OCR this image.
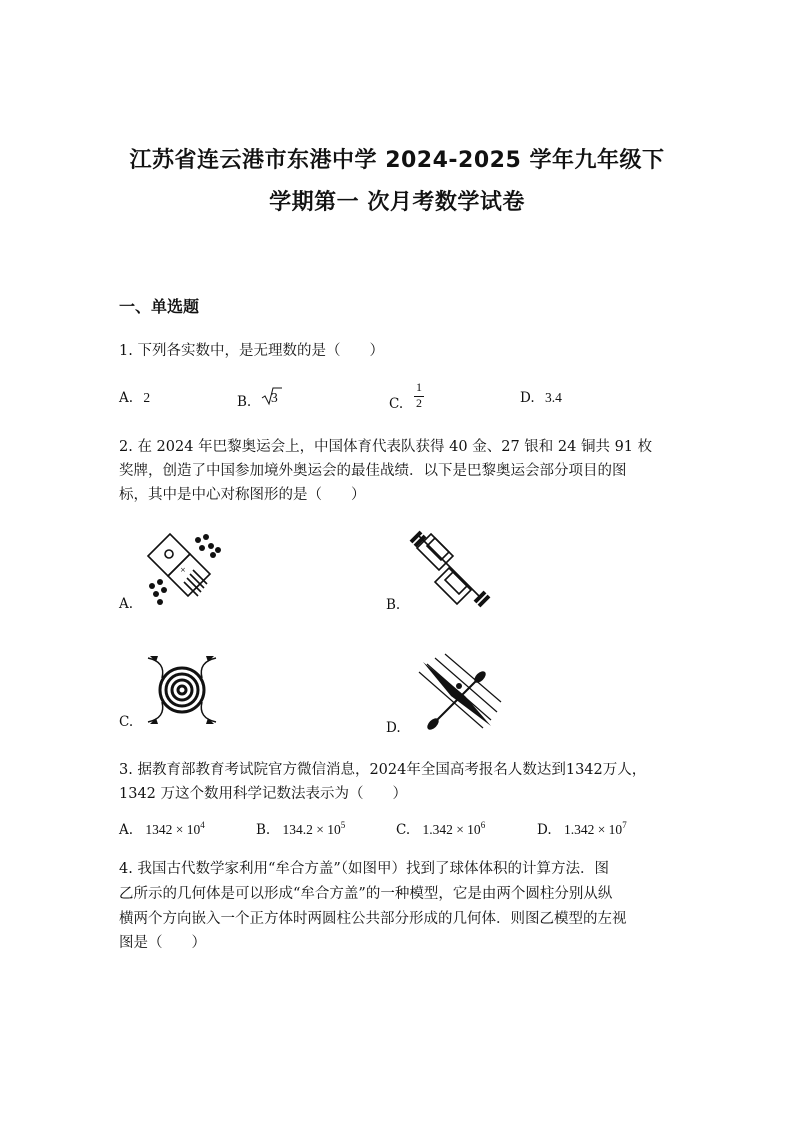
江苏省连云港市东港中学 2024-2025 学年九年级下
学期第一 次月考数学试卷
一、单选题
1. 下列各实数中，是无理数的是（　　）
A. 2	B. 3	C.
1
2	D. 3.4
2. 在 2024 年巴黎奥运会上，中国体育代表队获得 40 金、27 银和 24 铜共 91 枚
奖牌，创造了中国参加境外奥运会的最佳战绩．以下是巴黎奥运会部分项目的图
标，其中是中心对称图形的是（　　）
A.
×
B.
C.	D.
3. 据教育部教育考试院官方微信消息，2024年全国高考报名人数达到1342万人，
1342 万这个数用科学记数法表示为（　　）
A. $1342 \times 10^4$	B. $134.2 \times 10^5$	C. $1.342 \times 10^6$	D. $1.342 \times 10^7$
4. 我国古代数学家利用“牟合方盖”（如图甲）找到了球体体积的计算方法．图
乙所示的几何体是可以形成“牟合方盖”的一种模型，它是由两个圆柱分别从纵
横两个方向嵌入一个正方体时两圆柱公共部分形成的几何体．则图乙模型的左视
图是（　　）
